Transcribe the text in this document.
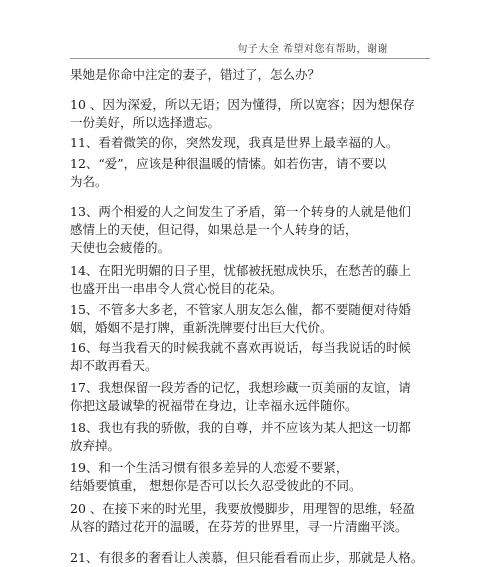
句子大全 希望对您有帮助，谢谢
果她是你命中注定的妻子，错过了，怎么办？
10 、因为深爱，所以无语；因为懂得，所以宽容；因为想保存
一份美好，所以选择遗忘。
11、看着微笑的你，突然发现，我真是世界上最幸福的人。
12、“爱”，应该是种很温暖的情愫。如若伤害，请不要以
为名。
13、两个相爱的人之间发生了矛盾，第一个转身的人就是他们
感情上的天使，但记得，如果总是一个人转身的话，
天使也会疲倦的。
14、在阳光明媚的日子里，忧郁被抚慰成快乐，在愁苦的藤上
也盛开出一串串令人赏心悦目的花朵。
15、不管多大多老，不管家人朋友怎么催，都不要随便对待婚
姻，婚姻不是打牌，重新洗牌要付出巨大代价。
16、每当我看天的时候我就不喜欢再说话，每当我说话的时候
却不敢再看天。
17、我想保留一段芳香的记忆，我想珍藏一页美丽的友谊，请
你把这最诚挚的祝福带在身边，让幸福永远伴随你。
18、我也有我的骄傲，我的自尊，并不应该为某人把这一切都
放弃掉。
19、和一个生活习惯有很多差异的人恋爱不要紧，
结婚要慎重， 想想你是否可以长久忍受彼此的不同。
20 、在接下来的时光里，我要放慢脚步，用理智的思维，轻盈
从容的踏过花开的温暖，在芬芳的世界里，寻一片清幽平淡。
21、有很多的奢看让人羡慕，但只能看看而止步，那就是人格。
